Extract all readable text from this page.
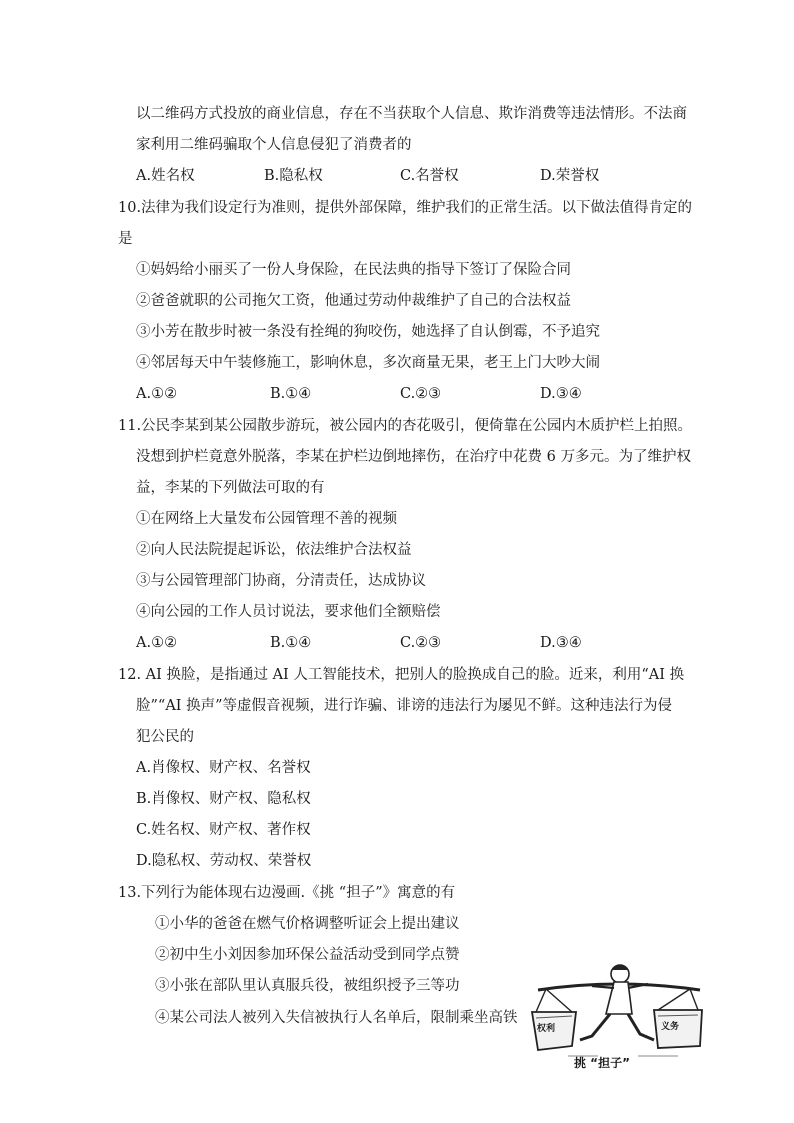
以二维码方式投放的商业信息，存在不当获取个人信息、欺诈消费等违法情形。不法商
家利用二维码骗取个人信息侵犯了消费者的
A.姓名权	B.隐私权	C.名誉权	D.荣誉权
10.法律为我们设定行为准则，提供外部保障，维护我们的正常生活。以下做法值得肯定的
是
①妈妈给小丽买了一份人身保险，在民法典的指导下签订了保险合同
②爸爸就职的公司拖欠工资，他通过劳动仲裁维护了自己的合法权益
③小芳在散步时被一条没有拴绳的狗咬伤，她选择了自认倒霉，不予追究
④邻居每天中午装修施工，影响休息，多次商量无果，老王上门大吵大闹
A.①②	B.①④	C.②③	D.③④
11.公民李某到某公园散步游玩，被公园内的杏花吸引，便倚靠在公园内木质护栏上拍照。
没想到护栏竟意外脱落，李某在护栏边倒地摔伤，在治疗中花费 6 万多元。为了维护权
益，李某的下列做法可取的有
①在网络上大量发布公园管理不善的视频
②向人民法院提起诉讼，依法维护合法权益
③与公园管理部门协商，分清责任，达成协议
④向公园的工作人员讨说法，要求他们全额赔偿
A.①②	B.①④	C.②③	D.③④
12. AI 换脸，是指通过 AI 人工智能技术，把别人的脸换成自己的脸。近来，利用“AI 换
脸”“AI 换声”等虚假音视频，进行诈骗、诽谤的违法行为屡见不鲜。这种违法行为侵
犯公民的
A.肖像权、财产权、名誉权
B.肖像权、财产权、隐私权
C.姓名权、财产权、著作权
D.隐私权、劳动权、荣誉权
13.下列行为能体现右边漫画.《挑 “担子”》寓意的有
①小华的爸爸在燃气价格调整听证会上提出建议
②初中生小刘因参加环保公益活动受到同学点赞
③小张在部队里认真服兵役，被组织授予三等功
④某公司法人被列入失信被执行人名单后，限制乘坐高铁
权利	义务
挑 “担子”
